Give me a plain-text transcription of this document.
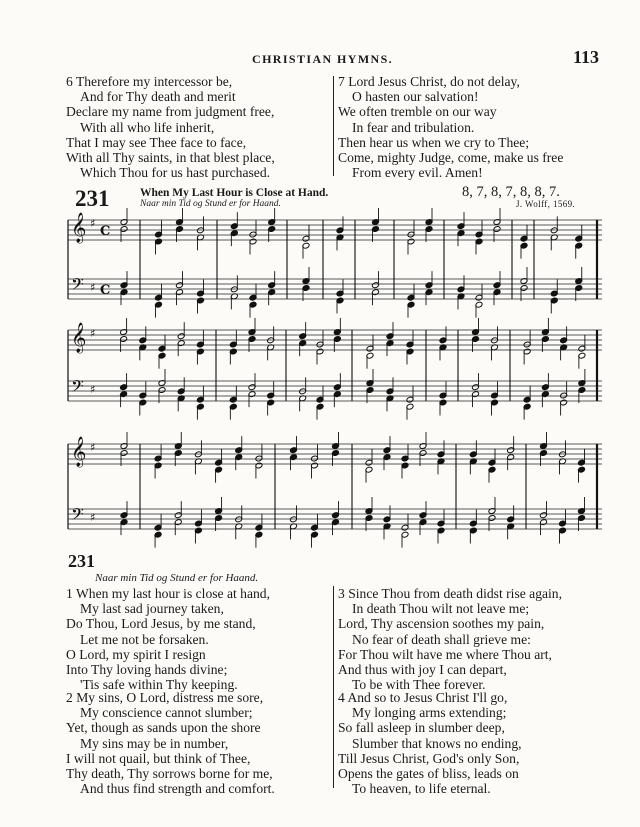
CHRISTIAN HYMNS.	113
6 Therefore my intercessor be,
And for Thy death and merit
Declare my name from judgment free,
With all who life inherit,
That I may see Thee face to face,
With all Thy saints, in that blest place,
Which Thou for us hast purchased.
7 Lord Jesus Christ, do not delay,
O hasten our salvation!
We often tremble on our way
In fear and tribulation.
Then hear us when we cry to Thee;
Come, mighty Judge, come, make us free
From every evil. Amen!
231	When My Last Hour is Close at Hand.
Naar min Tid og Stund er for Haand.
8, 7, 8, 7, 8, 8, 7.
J. Wolff, 1569.
𝄞 ♯
C
𝄢 ♯ C
𝄞 ♯
𝄢 ♯
𝄞 ♯
𝄢 ♯
231
Naar min Tid og Stund er for Haand.
1 When my last hour is close at hand,
My last sad journey taken,
Do Thou, Lord Jesus, by me stand,
Let me not be forsaken.
O Lord, my spirit I resign
Into Thy loving hands divine;
'Tis safe within Thy keeping.
2 My sins, O Lord, distress me sore,
My conscience cannot slumber;
Yet, though as sands upon the shore
My sins may be in number,
I will not quail, but think of Thee,
Thy death, Thy sorrows borne for me,
And thus find strength and comfort.
3 Since Thou from death didst rise again,
In death Thou wilt not leave me;
Lord, Thy ascension soothes my pain,
No fear of death shall grieve me:
For Thou wilt have me where Thou art,
And thus with joy I can depart,
To be with Thee forever.
4 And so to Jesus Christ I'll go,
My longing arms extending;
So fall asleep in slumber deep,
Slumber that knows no ending,
Till Jesus Christ, God's only Son,
Opens the gates of bliss, leads on
To heaven, to life eternal.
